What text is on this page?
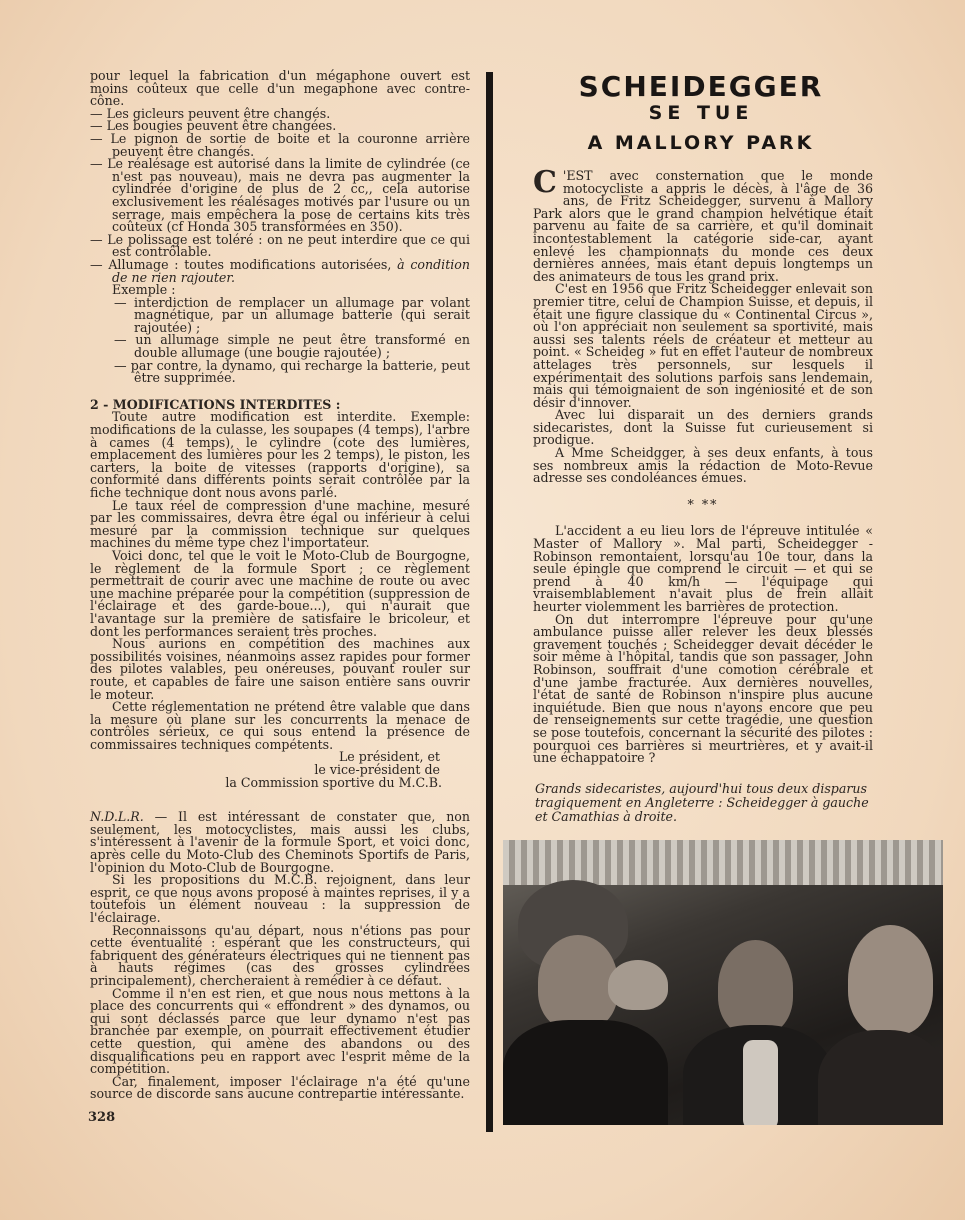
pour lequel la fabrication d'un mégaphone ouvert est moins coûteux que celle d'un megaphone avec contre-cône.

— Les gicleurs peuvent être changés.

— Les bougies peuvent être changées.

— Le pignon de sortie de boite et la couronne arrière peuvent être changés.

— Le réalésage est autorisé dans la limite de cylindrée (ce n'est pas nouveau), mais ne devra pas augmenter la cylindrée d'origine de plus de 2 cc,, cela autorise exclusivement les réalésages motivés par l'usure ou un serrage, mais empêchera la pose de certains kits très coûteux (cf Honda 305 transformées en 350).

— Le polissage est toléré : on ne peut interdire que ce qui est contrôlable.

— Allumage : toutes modifications autorisées, à condition de ne rien rajouter.

Exemple :

— interdiction de remplacer un allumage par volant magnétique, par un allumage batterie (qui serait rajoutée) ;

— un allumage simple ne peut être transformé en double allumage (une bougie rajoutée) ;

— par contre, la dynamo, qui recharge la batterie, peut être supprimée.

2 - MODIFICATIONS INTERDITES :

Toute autre modification est interdite. Exemple: modifications de la culasse, les soupapes (4 temps), l'arbre à cames (4 temps), le cylindre (cote des lumières, emplacement des lumières pour les 2 temps), le piston, les carters, la boite de vitesses (rapports d'origine), sa conformité dans différents points serait contrôlée par la fiche technique dont nous avons parlé.

Le taux réel de compression d'une machine, mesuré par les commissaires, devra être égal ou inférieur à celui mesuré par la commission technique sur quelques machines du même type chez l'importateur.

Voici donc, tel que le voit le Moto-Club de Bourgogne, le règlement de la formule Sport ; ce règlement permettrait de courir avec une machine de route ou avec une machine préparée pour la compétition (suppression de l'éclairage et des garde-boue...), qui n'aurait que l'avantage sur la première de satisfaire le bricoleur, et dont les performances seraient très proches.

Nous aurions en compétition des machines aux possibilités voisines, néanmoins assez rapides pour former des pilotes valables, peu onéreuses, pouvant rouler sur route, et capables de faire une saison entière sans ouvrir le moteur.

Cette réglementation ne prétend être valable que dans la mesure où plane sur les concurrents la menace de contrôles sérieux, ce qui sous entend la présence de commissaires techniques compétents.

Le président, et

le vice-président de

la Commission sportive du M.C.B.

N.D.L.R. — Il est intéressant de constater que, non seulement, les motocyclistes, mais aussi les clubs, s'intéressent à l'avenir de la formule Sport, et voici donc, après celle du Moto-Club des Cheminots Sportifs de Paris, l'opinion du Moto-Club de Bourgogne.

Si les propositions du M.C.B. rejoignent, dans leur esprit, ce que nous avons proposé à maintes reprises, il y a toutefois un élément nouveau : la suppression de l'éclairage.

Reconnaissons qu'au départ, nous n'étions pas pour cette éventualité : espérant que les constructeurs, qui fabriquent des générateurs électriques qui ne tiennent pas à hauts régimes (cas des grosses cylindrées principalement), chercheraient à remédier à ce défaut.

Comme il n'en est rien, et que nous nous mettons à la place des concurrents qui « effondrent » des dynamos, ou qui sont déclassés parce que leur dynamo n'est pas branchée par exemple, on pourrait effectivement étudier cette question, qui amène des abandons ou des disqualifications peu en rapport avec l'esprit même de la compétition.

Car, finalement, imposer l'éclairage n'a été qu'une source de discorde sans aucune contrepartie intéressante.

SCHEIDEGGER
SE TUE
A MALLORY PARK

C 'EST avec consternation que le monde motocycliste a appris le décès, à l'âge de 36 ans, de Fritz Scheidegger, survenu à Mallory Park alors que le grand champion helvétique était parvenu au faite de sa carrière, et qu'il dominait incontestablement la catégorie side-car, ayant enlevé les championnats du monde ces deux dernières années, mais étant depuis longtemps un des animateurs de tous les grand prix.

C'est en 1956 que Fritz Scheidegger enlevait son premier titre, celui de Champion Suisse, et depuis, il était une figure classique du « Continental Circus », où l'on appréciait non seulement sa sportivité, mais aussi ses talents réels de créateur et metteur au point. « Scheideg » fut en effet l'auteur de nombreux attelages très personnels, sur lesquels il expérimentait des solutions parfois sans lendemain, mais qui témoignaient de son ingéniosité et de son désir d'innover.

Avec lui disparait un des derniers grands sidecaristes, dont la Suisse fut curieusement si prodigue.

A Mme Scheidgger, à ses deux enfants, à tous ses nombreux amis la rédaction de Moto-Revue adresse ses condoléances émues.

* **

L'accident a eu lieu lors de l'épreuve intitulée « Master of Mallory ». Mal parti, Scheidegger - Robinson remontaient, lorsqu'au 10e tour, dans la seule épingle que comprend le circuit — et qui se prend à 40 km/h — l'équipage qui vraisemblablement n'avait plus de frein allait heurter violemment les barrières de protection.

On dut interrompre l'épreuve pour qu'une ambulance puisse aller relever les deux blessés gravement touchés ; Scheidegger devait décéder le soir même à l'hôpital, tandis que son passager, John Robinson, souffrait d'une comotion cérébrale et d'une jambe fracturée. Aux dernières nouvelles, l'état de santé de Robinson n'inspire plus aucune inquiétude. Bien que nous n'ayons encore que peu de renseignements sur cette tragédie, une question se pose toutefois, concernant la sécurité des pilotes : pourquoi ces barrières si meurtrières, et y avait-il une échappatoire ?

Grands sidecaristes, aujourd'hui tous deux disparus tragiquement en Angleterre : Scheidegger à gauche et Camathias à droite.
328
